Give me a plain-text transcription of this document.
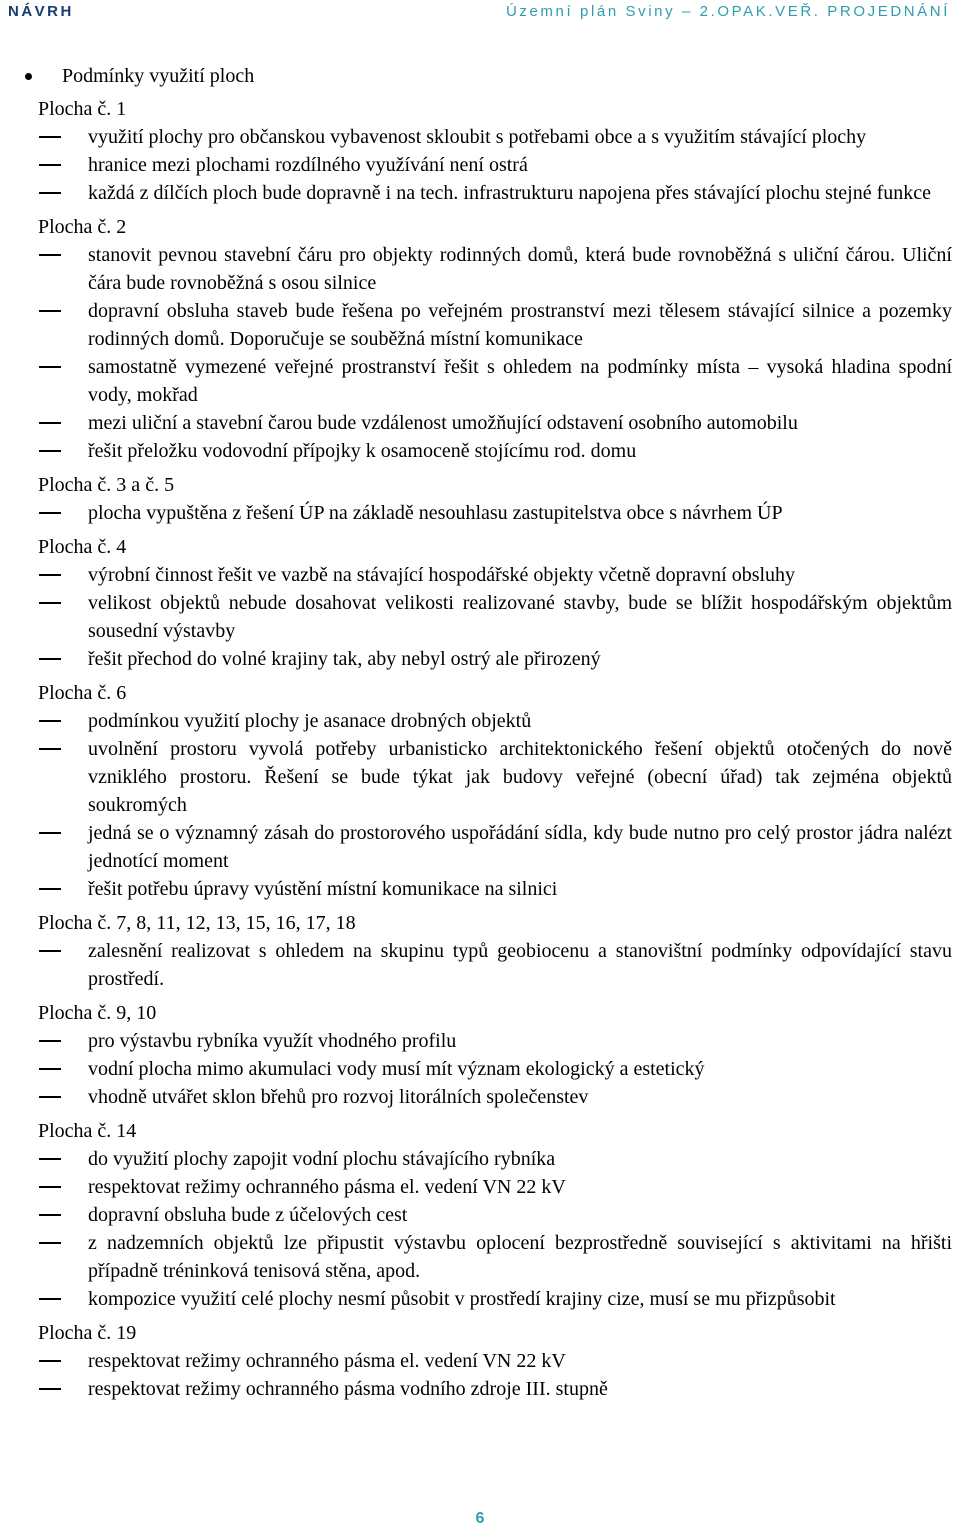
NÁVRH	Územní plán Sviny – 2.OPAK.VEŘ. PROJEDNÁNÍ
Podmínky využití ploch
Plocha č. 1
využití plochy pro občanskou vybavenost skloubit s potřebami obce a s využitím stávající plochy
hranice mezi plochami rozdílného využívání není ostrá
každá z dílčích ploch bude dopravně i na tech. infrastrukturu napojena přes stávající plochu stejné funkce
Plocha č. 2
stanovit pevnou stavební čáru pro objekty rodinných domů, která bude rovnoběžná s uliční čárou. Uliční čára bude rovnoběžná s osou silnice
dopravní obsluha staveb bude řešena po veřejném prostranství mezi tělesem stávající silnice a pozemky rodinných domů. Doporučuje se souběžná místní komunikace
samostatně vymezené veřejné prostranství řešit s ohledem na podmínky místa – vysoká hladina spodní vody, mokřad
mezi uliční a stavební čarou bude vzdálenost umožňující odstavení osobního automobilu
řešit přeložku vodovodní přípojky k osamoceně stojícímu rod. domu
Plocha č. 3 a č. 5
plocha vypuštěna z řešení ÚP na základě nesouhlasu zastupitelstva obce s návrhem ÚP
Plocha č. 4
výrobní činnost řešit ve vazbě na stávající hospodářské objekty včetně dopravní obsluhy
velikost objektů nebude dosahovat velikosti realizované stavby, bude se blížit hospodářským objektům sousední výstavby
řešit přechod do volné krajiny tak, aby nebyl ostrý ale přirozený
Plocha č. 6
podmínkou využití plochy je asanace drobných objektů
uvolnění prostoru vyvolá potřeby urbanisticko architektonického řešení objektů otočených do nově vzniklého prostoru. Řešení se bude týkat jak budovy veřejné (obecní úřad) tak zejména objektů soukromých
jedná se o významný zásah do prostorového uspořádání sídla, kdy bude nutno pro celý prostor jádra nalézt jednotící moment
řešit potřebu úpravy vyústění místní komunikace na silnici
Plocha č. 7, 8, 11, 12, 13, 15, 16, 17, 18
zalesnění realizovat s ohledem na skupinu typů geobiocenu a stanovištní podmínky odpovídající stavu prostředí.
Plocha č. 9, 10
pro výstavbu rybníka využít vhodného profilu
vodní plocha mimo akumulaci vody musí mít význam ekologický a estetický
vhodně utvářet sklon břehů pro rozvoj litorálních společenstev
Plocha č. 14
do využití plochy zapojit vodní plochu stávajícího rybníka
respektovat režimy ochranného pásma el. vedení VN 22 kV
dopravní obsluha bude z účelových cest
z nadzemních objektů lze připustit výstavbu oplocení bezprostředně související s aktivitami na hřišti případně tréninková tenisová stěna, apod.
kompozice využití celé plochy nesmí působit v prostředí krajiny cize, musí se mu přizpůsobit
Plocha č. 19
respektovat režimy ochranného pásma el. vedení VN 22 kV
respektovat režimy ochranného pásma vodního zdroje III. stupně
6
